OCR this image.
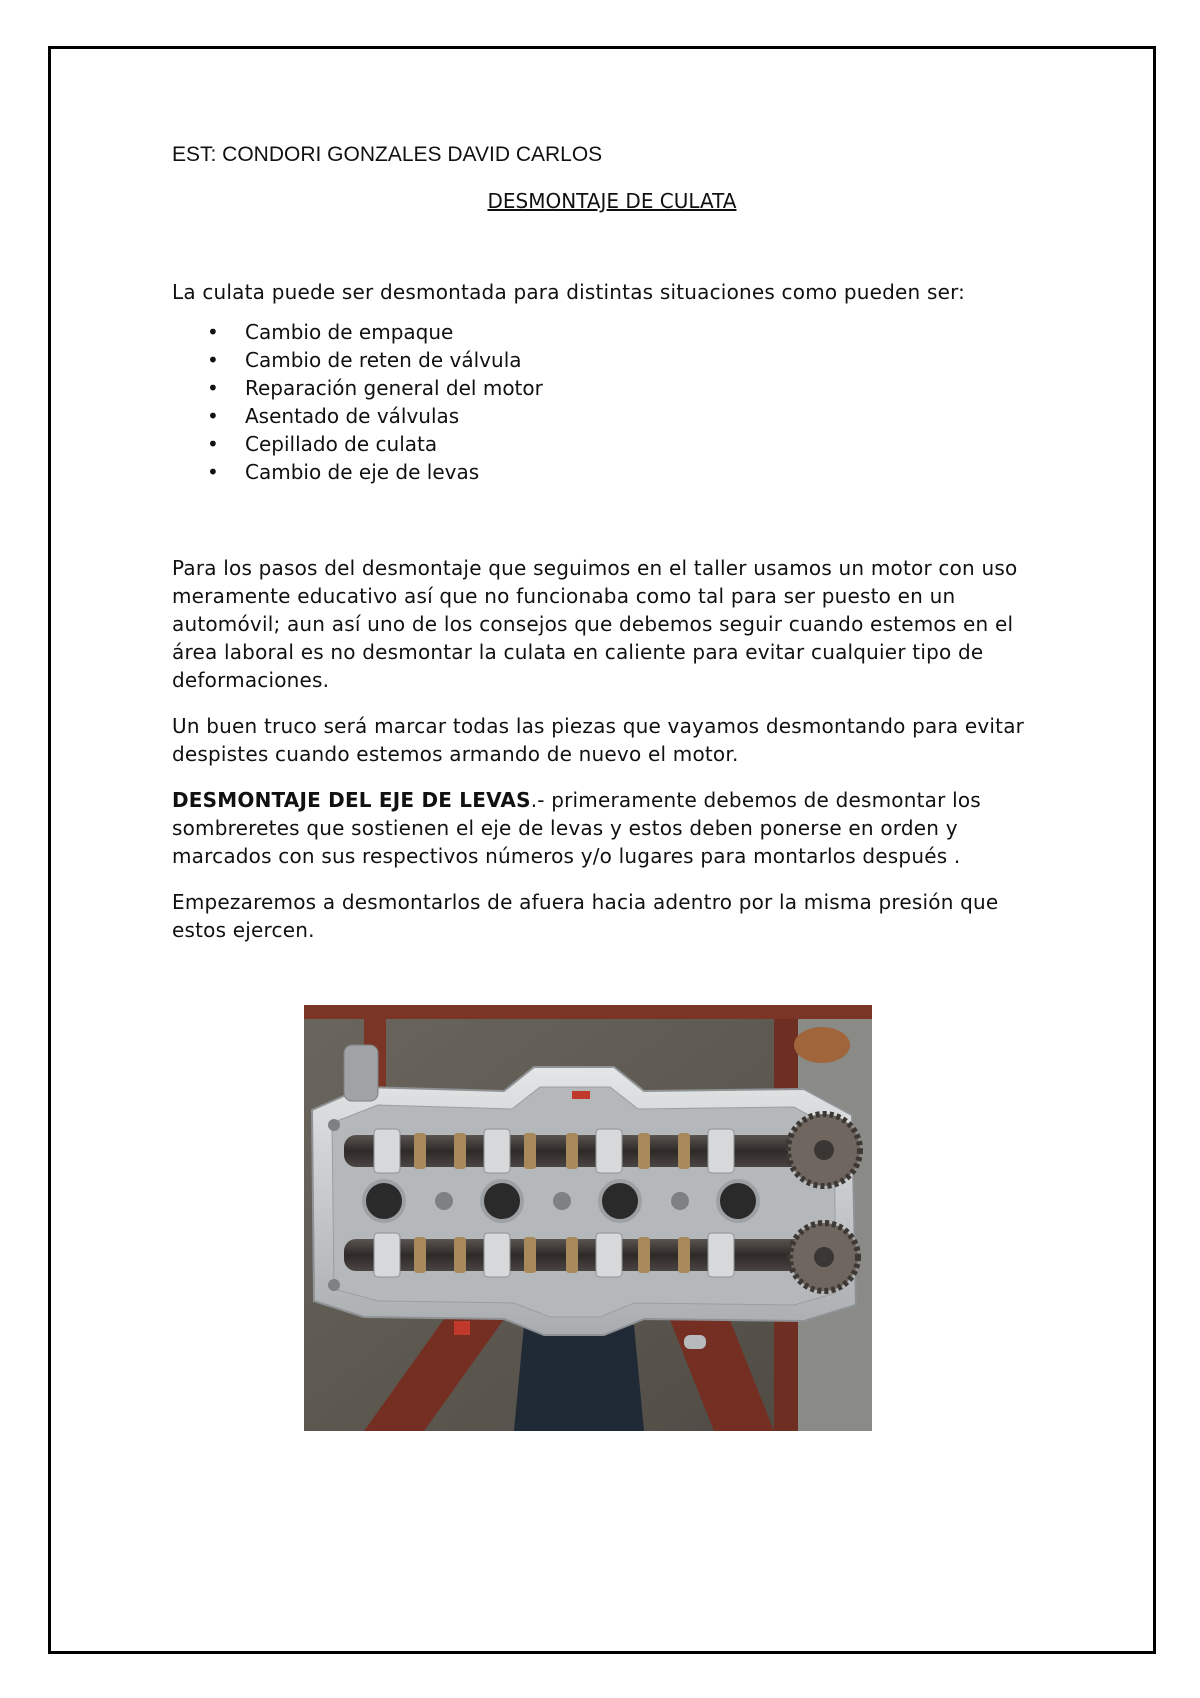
EST: CONDORI GONZALES DAVID CARLOS

DESMONTAJE DE CULATA

La culata puede ser desmontada para distintas situaciones como pueden ser:

• Cambio de empaque
• Cambio de reten de válvula
• Reparación general del motor
• Asentado de válvulas
• Cepillado de culata
• Cambio de eje de levas

Para los pasos del desmontaje que seguimos en el taller usamos un motor con uso meramente educativo así que no funcionaba como tal para ser puesto en un automóvil; aun así uno de los consejos que debemos seguir cuando estemos en el área laboral es no desmontar la culata en caliente para evitar cualquier tipo de deformaciones.

Un buen truco será marcar todas las piezas que vayamos desmontando para evitar despistes cuando estemos armando de nuevo el motor.

DESMONTAJE DEL EJE DE LEVAS.- primeramente debemos de desmontar los sombreretes que sostienen el eje de levas y estos deben ponerse en orden y marcados con sus respectivos números y/o lugares para montarlos después .

Empezaremos a desmontarlos de afuera hacia adentro por la misma presión que estos ejercen.
